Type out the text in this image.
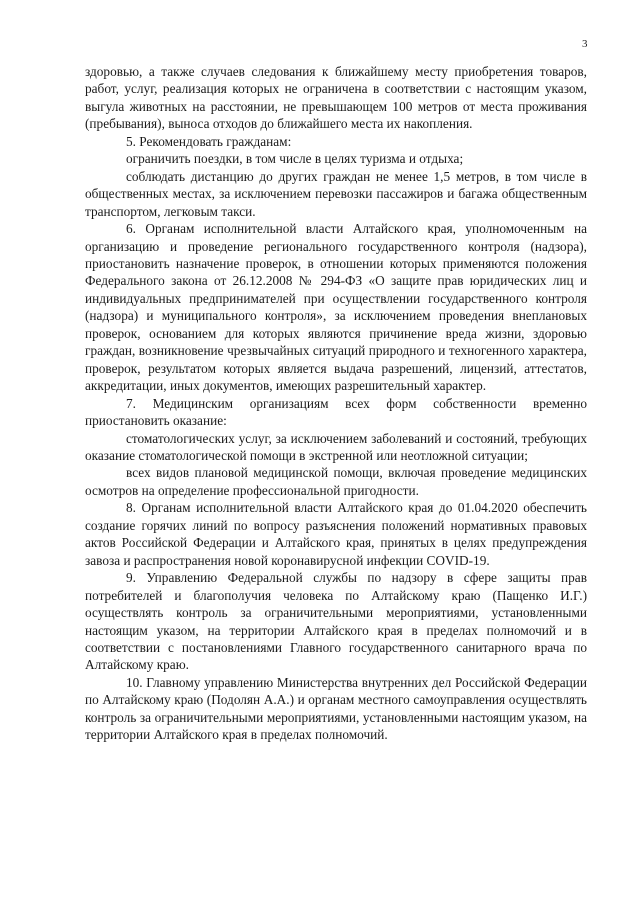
3

здоровью, а также случаев следования к ближайшему месту приобретения товаров, работ, услуг, реализация которых не ограничена в соответствии с настоящим указом, выгула животных на расстоянии, не превышающем 100 метров от места проживания (пребывания), выноса отходов до ближайшего места их накопления.

5. Рекомендовать гражданам:

ограничить поездки, в том числе в целях туризма и отдыха;

соблюдать дистанцию до других граждан не менее 1,5 метров, в том числе в общественных местах, за исключением перевозки пассажиров и багажа общественным транспортом, легковым такси.

6. Органам исполнительной власти Алтайского края, уполномоченным на организацию и проведение регионального государственного контроля (надзора), приостановить назначение проверок, в отношении которых применяются положения Федерального закона от 26.12.2008 № 294-ФЗ «О защите прав юридических лиц и индивидуальных предпринимателей при осуществлении государственного контроля (надзора) и муниципального контроля», за исключением проведения внеплановых проверок, основанием для которых являются причинение вреда жизни, здоровью граждан, возникновение чрезвычайных ситуаций природного и техногенного характера, проверок, результатом которых является выдача разрешений, лицензий, аттестатов, аккредитации, иных документов, имеющих разрешительный характер.

7. Медицинским организациям всех форм собственности временно приостановить оказание:

стоматологических услуг, за исключением заболеваний и состояний, требующих оказание стоматологической помощи в экстренной или неотложной ситуации;

всех видов плановой медицинской помощи, включая проведение медицинских осмотров на определение профессиональной пригодности.

8. Органам исполнительной власти Алтайского края до 01.04.2020 обеспечить создание горячих линий по вопросу разъяснения положений нормативных правовых актов Российской Федерации и Алтайского края, принятых в целях предупреждения завоза и распространения новой коронавирусной инфекции COVID-19.

9. Управлению Федеральной службы по надзору в сфере защиты прав потребителей и благополучия человека по Алтайскому краю (Пащенко И.Г.) осуществлять контроль за ограничительными мероприятиями, установленными настоящим указом, на территории Алтайского края в пределах полномочий и в соответствии с постановлениями Главного государственного санитарного врача по Алтайскому краю.

10. Главному управлению Министерства внутренних дел Российской Федерации по Алтайскому краю (Подолян А.А.) и органам местного самоуправления осуществлять контроль за ограничительными мероприятиями, установленными настоящим указом, на территории Алтайского края в пределах полномочий.
